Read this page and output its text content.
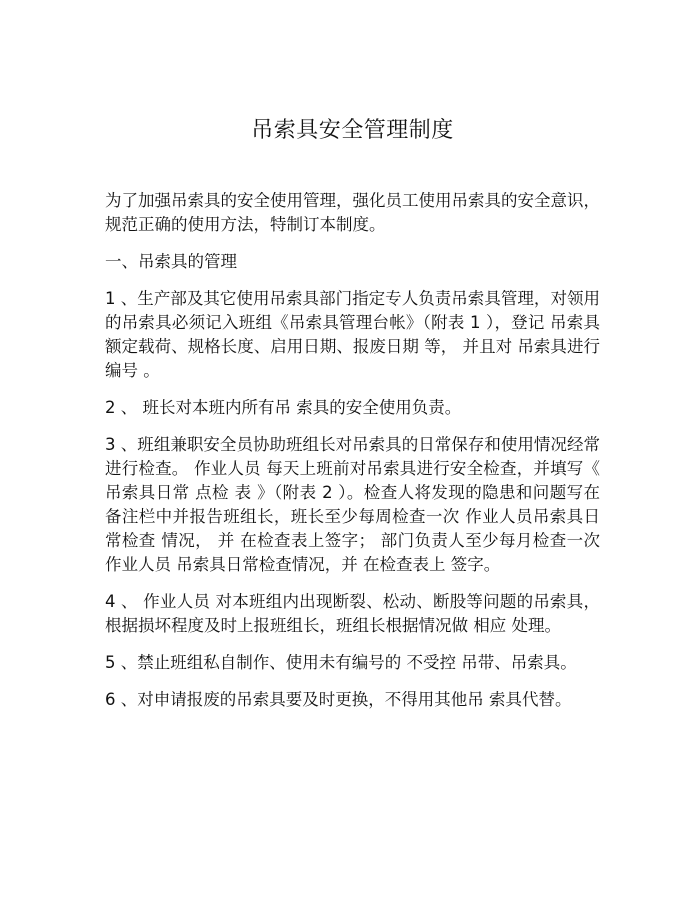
吊索具安全管理制度

为了加强吊索具的安全使用管理，强化员工使用吊索具的安全意识，规范正确的使用方法，特制订本制度。

一、吊索具的管理

1 、生产部及其它使用吊索具部门指定专人负责吊索具管理，对领用的吊索具必须记入班组《吊索具管理台帐》（附表 1 ），登记 吊索具 额定载荷、规格长度、启用日期、报废日期 等， 并且对 吊索具进行编号 。

2 、 班长对本班内所有吊 索具的安全使用负责。

3 、班组兼职安全员协助班组长对吊索具的日常保存和使用情况经常进行检查。 作业人员 每天上班前对吊索具进行安全检查，并填写《 吊索具日常 点检 表 》（附表 2 ）。检查人将发现的隐患和问题写在备注栏中并报告班组长，班长至少每周检查一次 作业人员吊索具日常检查 情况， 并 在检查表上签字； 部门负责人至少每月检查一次 作业人员 吊索具日常检查情况，并 在检查表上 签字。

4 、 作业人员 对本班组内出现断裂、松动、断股等问题的吊索具，根据损坏程度及时上报班组长，班组长根据情况做 相应 处理。

5 、禁止班组私自制作、使用未有编号的 不受控 吊带、吊索具。

6 、对申请报废的吊索具要及时更换，不得用其他吊 索具代替。
